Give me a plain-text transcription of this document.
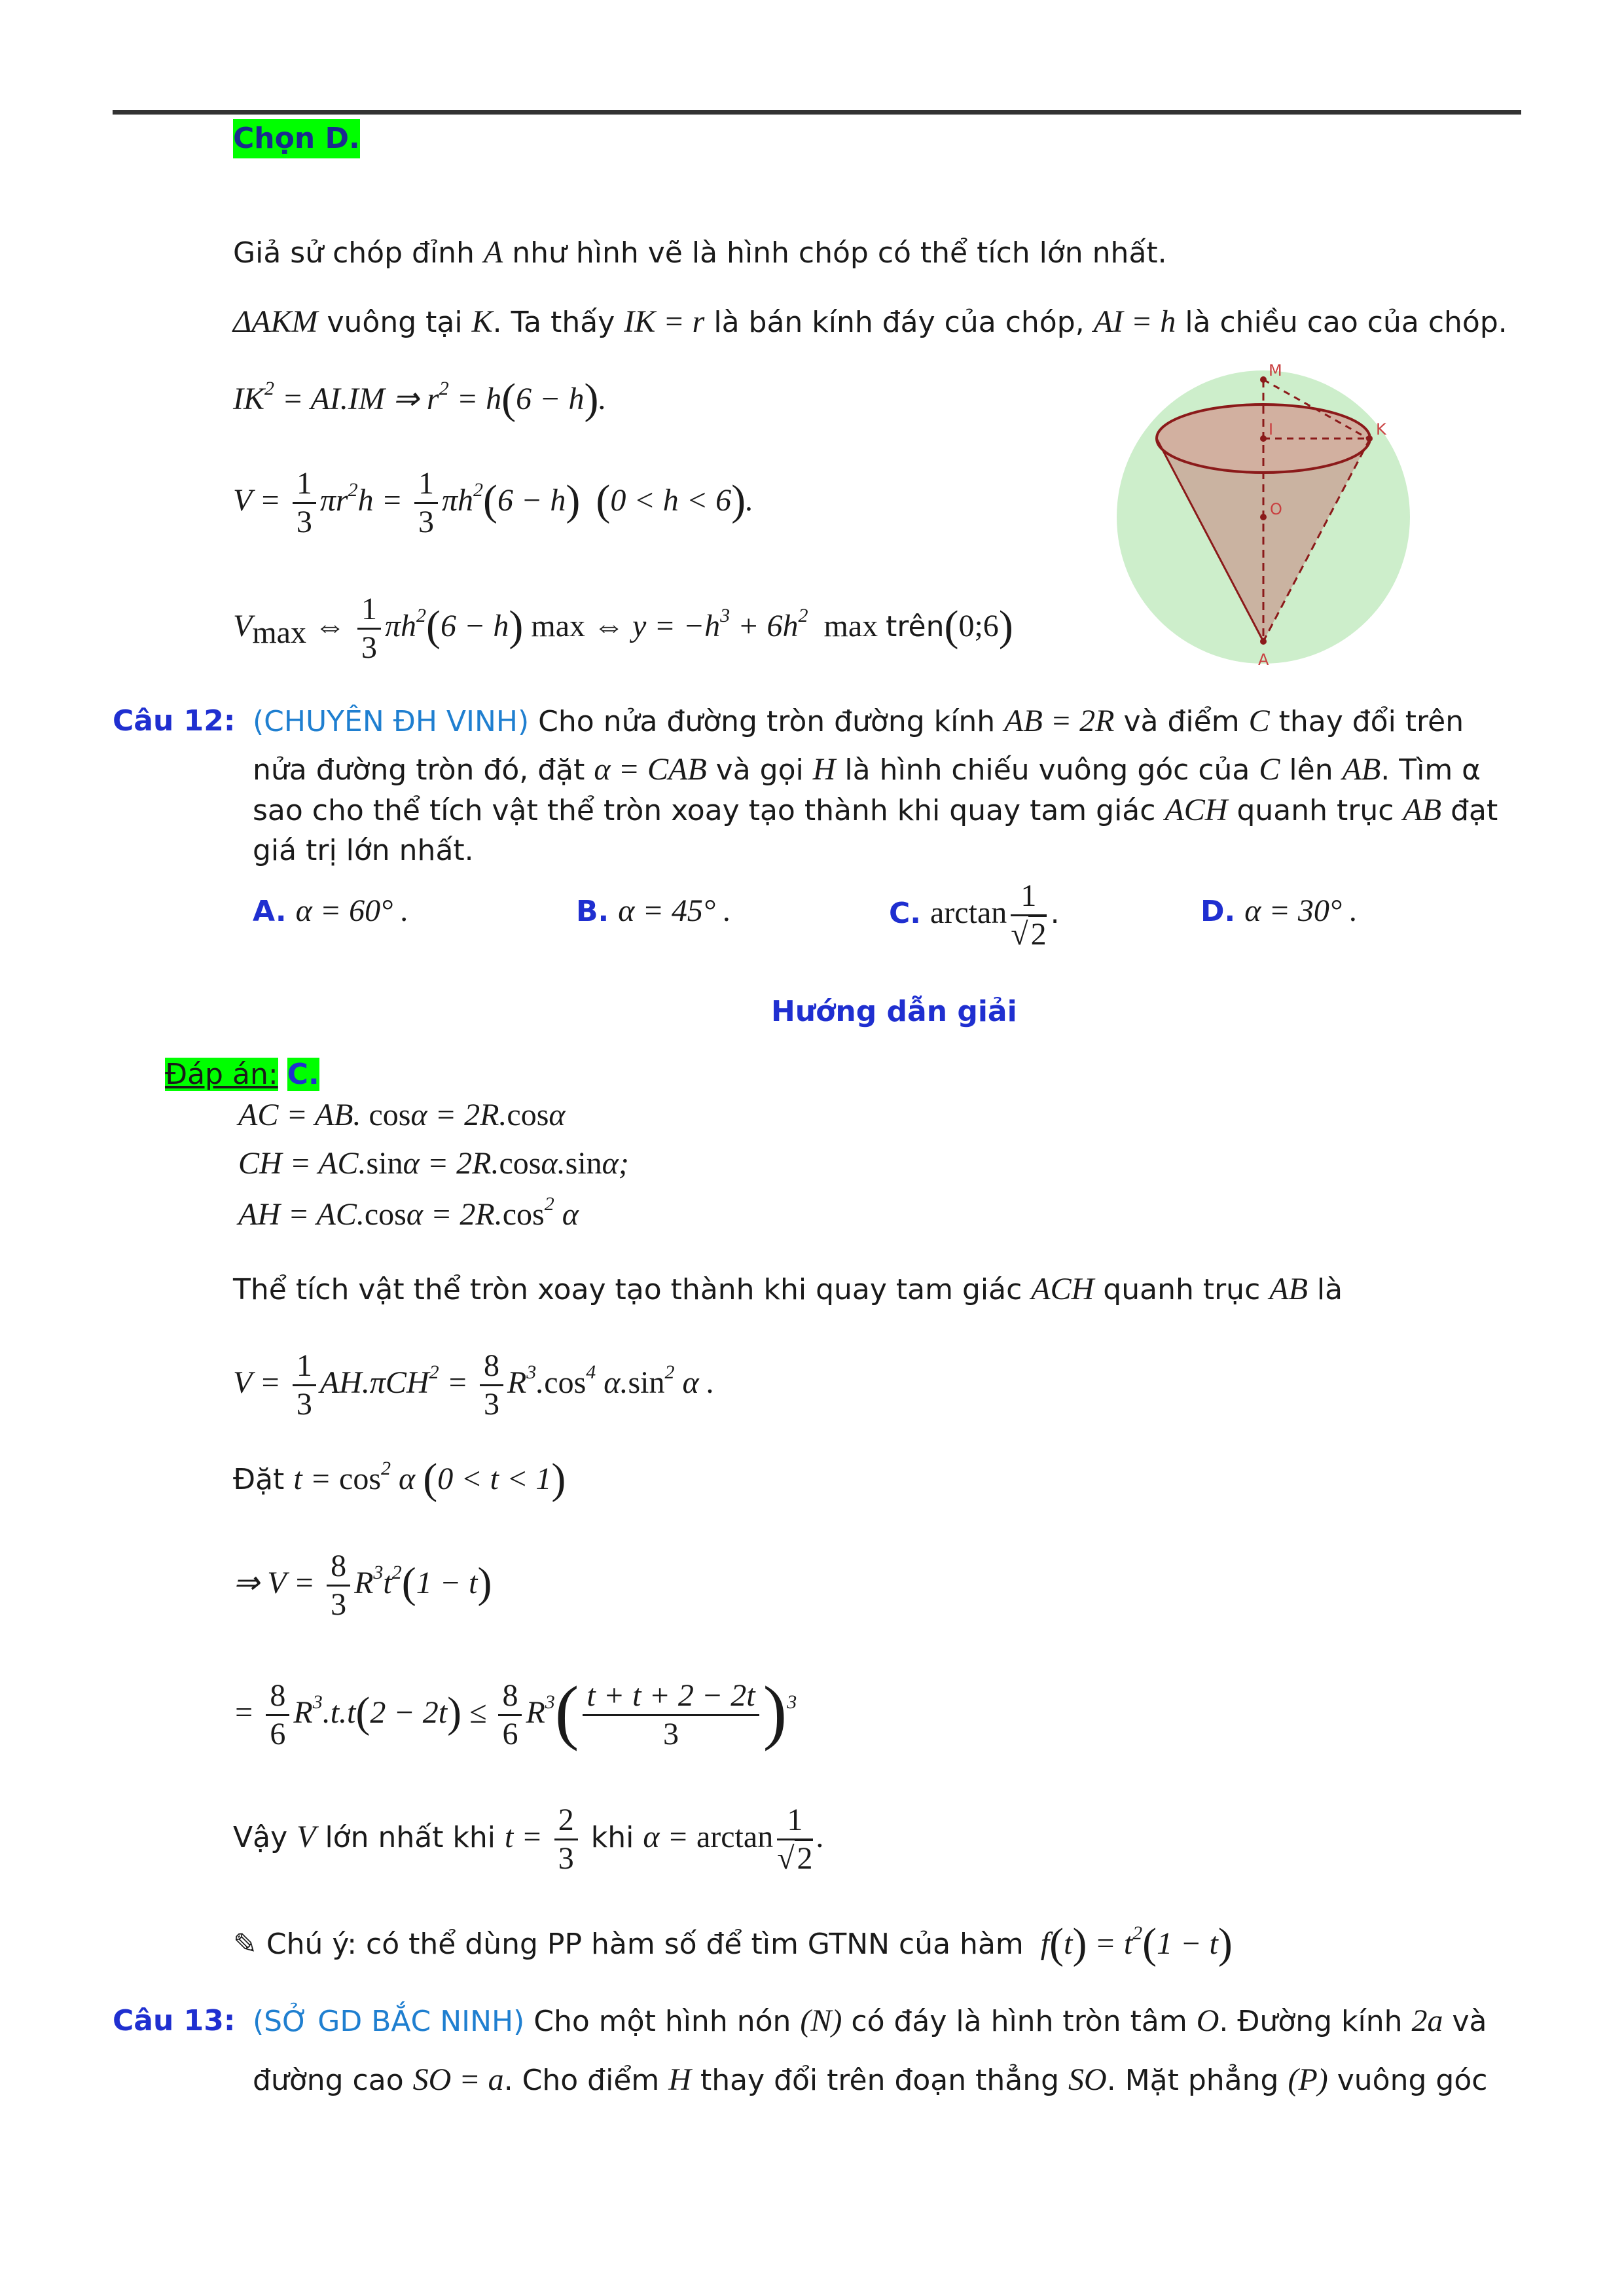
Chọn D.
Giả sử chóp đỉnh A như hình vẽ là hình chóp có thể tích lớn nhất.
ΔAKM vuông tại K. Ta thấy IK = r là bán kính đáy của chóp, AI = h là chiều cao của chóp.
$IK^2 = AI.IM$ ⇒ $r^2 = h(6 - h)$.
$V = \frac{1}{3} \pi r^2h = \frac{1}{3} \pi h^2(6 - h) (0 < h < 6)$.
$V_{max}$ ⇔ $\frac{1}{3} \pi h^2(6 - h)$ max ⇔ $y = -h^3 + 6h^2$ max trên(0;6)
M
I	K
O
A
Câu 12: (CHUYÊN ĐH VINH) Cho nửa đường tròn đường kính AB = 2R và điểm C thay đổi trên
nửa đường tròn đó, đặt α = CAB và gọi H là hình chiếu vuông góc của C lên AB. Tìm α
sao cho thể tích vật thể tròn xoay tạo thành khi quay tam giác ACH quanh trục AB đạt
giá trị lớn nhất.
A. α = 60° .	B. α = 45° .	C. $\arctan \frac{1}{√2}$ .	D. α = 30° .
Hướng dẫn giải
Đáp án: C.
AC = AB. cosα = 2R.cosα
CH = AC.sinα = 2R.cosα.sinα;
AH = $AC.\cos\alpha = 2R.\cos^2$ α
Thể tích vật thể tròn xoay tạo thành khi quay tam giác ACH quanh trục AB là
$V = \frac{1}{3} AH.\pi CH^2 = \frac{8}{3} R^3.\cos^4$ $\alpha.\sin^2$ α .
Đặt $t = \cos^2 \alpha$ (0 < t < 1)
⇒ $V = \frac{8}{3} R^3t^2(1 - t)$
= $\frac{8}{6} R^3.t.t(2 - 2t) \le \frac{8}{6} R^3( \frac{t + t + 2 - 2t}{3} )^3$
Vậy V lớn nhất khi $t = \frac{2}{3}$ khi $\alpha = \arctan \frac{1}{√2}$ .
✎ Chú ý: có thể dùng PP hàm số để tìm GTNN của hàm  $f(t) = t^2(1 - t)$
Câu 13: (SỞ GD BẮC NINH) Cho một hình nón (N) có đáy là hình tròn tâm O. Đường kính 2a và
đường cao SO = a. Cho điểm H thay đổi trên đoạn thẳng SO. Mặt phẳng (P) vuông góc
